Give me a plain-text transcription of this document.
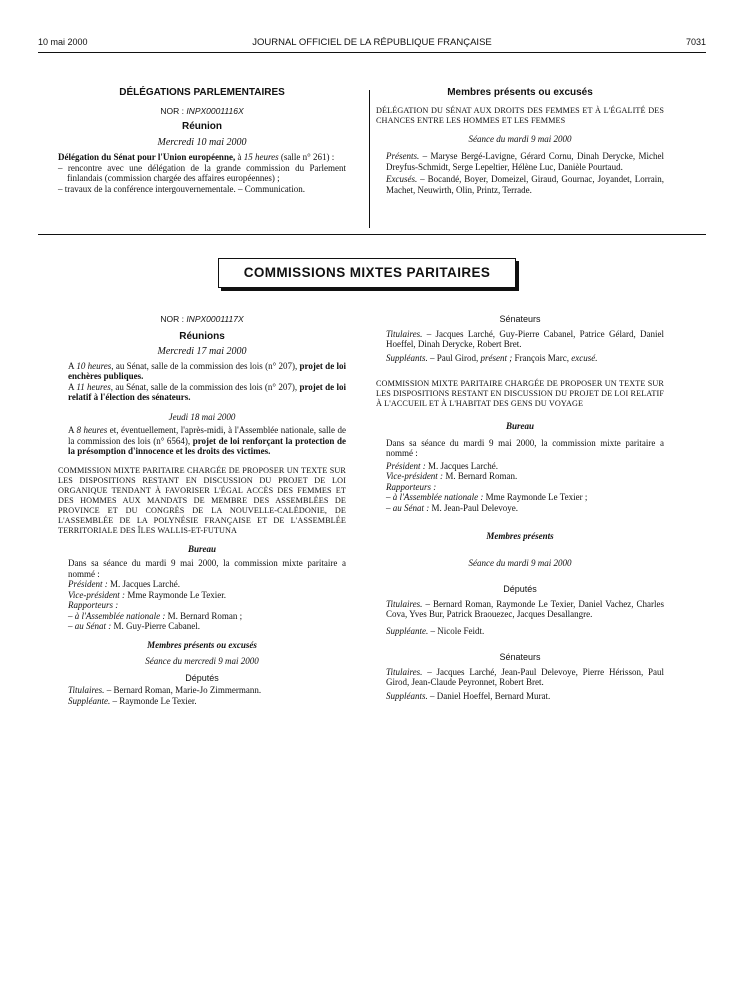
10 mai 2000	JOURNAL OFFICIEL DE LA RÉPUBLIQUE FRANÇAISE	7031

DÉLÉGATIONS PARLEMENTAIRES

NOR : INPX0001116X

Réunion

Mercredi 10 mai 2000

Délégation du Sénat pour l'Union européenne, à 15 heures (salle n° 261) :

– rencontre avec une délégation de la grande commission du Parlement finlandais (commission chargée des affaires européennes) ;

– travaux de la conférence intergouvernementale. – Communication.

Membres présents ou excusés

DÉLÉGATION DU SÉNAT AUX DROITS DES FEMMES ET À L'ÉGALITÉ DES CHANCES ENTRE LES HOMMES ET LES FEMMES

Séance du mardi 9 mai 2000

Présents. – Maryse Bergé-Lavigne, Gérard Cornu, Dinah Derycke, Michel Dreyfus-Schmidt, Serge Lepeltier, Hélène Luc, Danièle Pourtaud.

Excusés. – Bocandé, Boyer, Domeizel, Giraud, Gournac, Joyandet, Lorrain, Machet, Neuwirth, Olin, Printz, Terrade.

COMMISSIONS MIXTES PARITAIRES

NOR : INPX0001117X

Réunions

Mercredi 17 mai 2000

A 10 heures, au Sénat, salle de la commission des lois (n° 207), projet de loi enchères publiques.

A 11 heures, au Sénat, salle de la commission des lois (n° 207), projet de loi relatif à l'élection des sénateurs.

Jeudi 18 mai 2000

A 8 heures et, éventuellement, l'après-midi, à l'Assemblée nationale, salle de la commission des lois (n° 6564), projet de loi renforçant la protection de la présomption d'innocence et les droits des victimes.

COMMISSION MIXTE PARITAIRE CHARGÉE DE PROPOSER UN TEXTE SUR LES DISPOSITIONS RESTANT EN DISCUSSION DU PROJET DE LOI ORGANIQUE TENDANT À FAVORISER L'ÉGAL ACCÈS DES FEMMES ET DES HOMMES AUX MANDATS DE MEMBRE DES ASSEMBLÉES DE PROVINCE ET DU CONGRÈS DE LA NOUVELLE-CALÉDONIE, DE L'ASSEMBLÉE DE LA POLYNÉSIE FRANÇAISE ET DE L'ASSEMBLÉE TERRITORIALE DES ÎLES WALLIS-ET-FUTUNA

Bureau

Dans sa séance du mardi 9 mai 2000, la commission mixte paritaire a nommé :

Président : M. Jacques Larché.

Vice-président : Mme Raymonde Le Texier.

Rapporteurs :

– à l'Assemblée nationale : M. Bernard Roman ;

– au Sénat : M. Guy-Pierre Cabanel.

Membres présents ou excusés

Séance du mercredi 9 mai 2000

Députés

Titulaires. – Bernard Roman, Marie-Jo Zimmermann.

Suppléante. – Raymonde Le Texier.

Sénateurs

Titulaires. – Jacques Larché, Guy-Pierre Cabanel, Patrice Gélard, Daniel Hoeffel, Dinah Derycke, Robert Bret.

Suppléants. – Paul Girod, présent ; François Marc, excusé.

COMMISSION MIXTE PARITAIRE CHARGÉE DE PROPOSER UN TEXTE SUR LES DISPOSITIONS RESTANT EN DISCUSSION DU PROJET DE LOI RELATIF À L'ACCUEIL ET À L'HABITAT DES GENS DU VOYAGE

Bureau

Dans sa séance du mardi 9 mai 2000, la commission mixte paritaire a nommé :

Président : M. Jacques Larché.

Vice-président : M. Bernard Roman.

Rapporteurs :

– à l'Assemblée nationale : Mme Raymonde Le Texier ;

– au Sénat : M. Jean-Paul Delevoye.

Membres présents

Séance du mardi 9 mai 2000

Députés

Titulaires. – Bernard Roman, Raymonde Le Texier, Daniel Vachez, Charles Cova, Yves Bur, Patrick Braouezec, Jacques Desallangre.

Suppléante. – Nicole Feidt.

Sénateurs

Titulaires. – Jacques Larché, Jean-Paul Delevoye, Pierre Hérisson, Paul Girod, Jean-Claude Peyronnet, Robert Bret.

Suppléants. – Daniel Hoeffel, Bernard Murat.
